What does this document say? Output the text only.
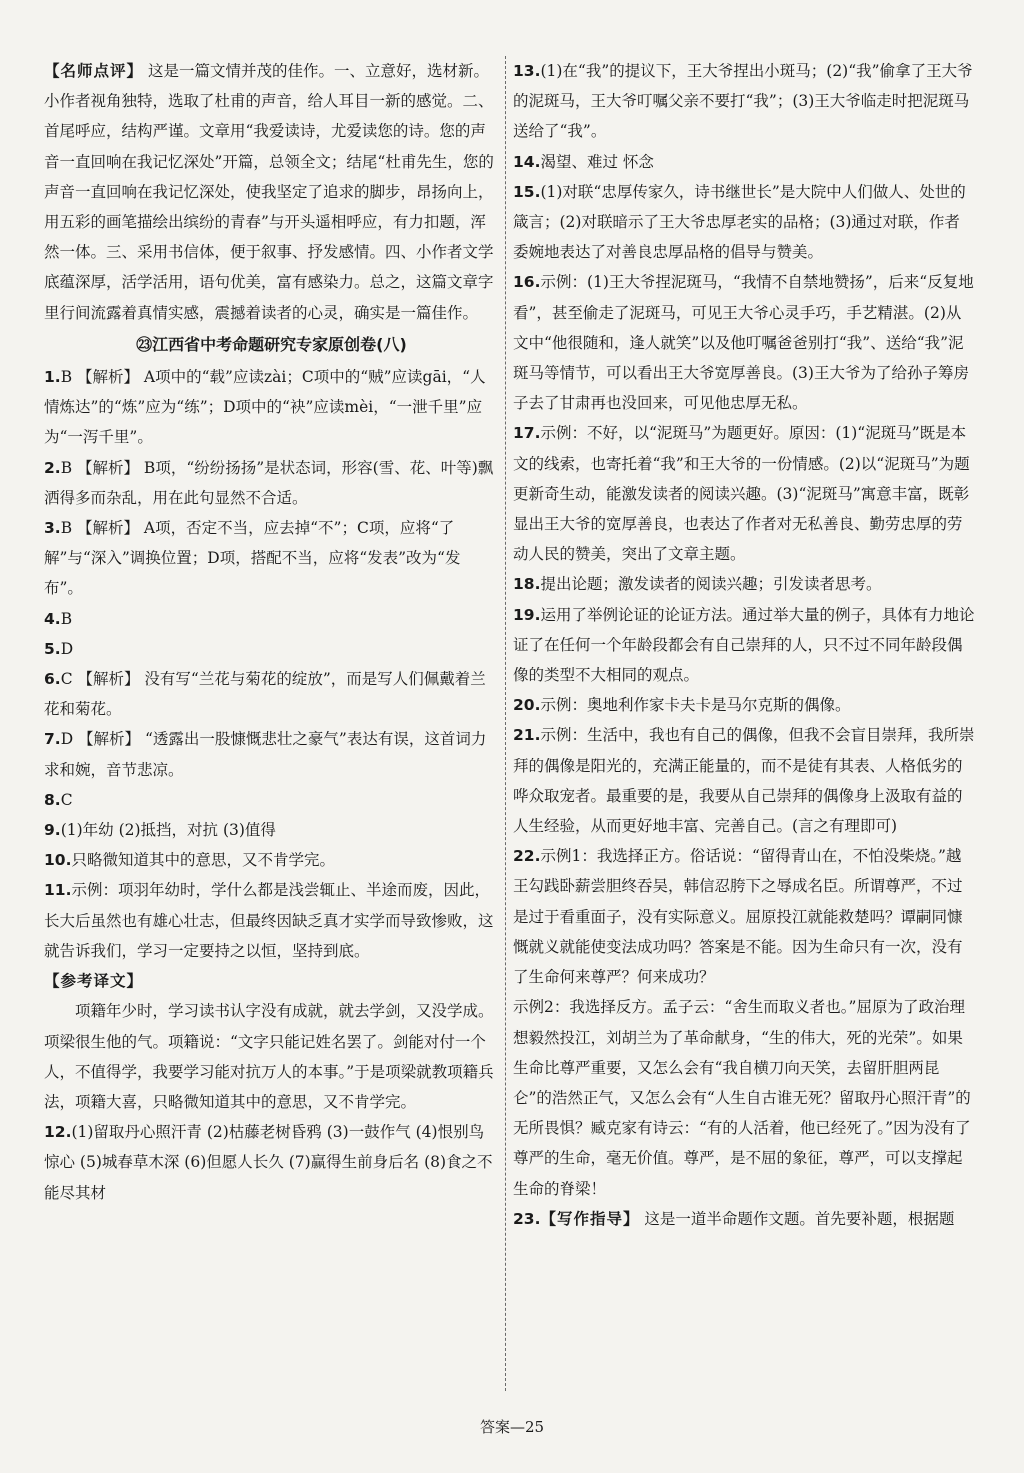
【名师点评】 这是一篇文情并茂的佳作。一、立意好，选材新。小作者视角独特，选取了杜甫的声音，给人耳目一新的感觉。二、首尾呼应，结构严谨。文章用“我爱读诗，尤爱读您的诗。您的声音一直回响在我记忆深处”开篇，总领全文；结尾“杜甫先生，您的声音一直回响在我记忆深处，使我坚定了追求的脚步，昂扬向上，用五彩的画笔描绘出缤纷的青春”与开头遥相呼应，有力扣题，浑然一体。三、采用书信体，便于叙事、抒发感情。四、小作者文学底蕴深厚，活学活用，语句优美，富有感染力。总之，这篇文章字里行间流露着真情实感，震撼着读者的心灵，确实是一篇佳作。

㉓江西省中考命题研究专家原创卷(八)

1.B 【解析】 A项中的“载”应读zài；C项中的“贼”应读gāi，“人情炼达”的“炼”应为“练”；D项中的“袂”应读mèi，“一泄千里”应为“一泻千里”。

2.B 【解析】 B项，“纷纷扬扬”是状态词，形容(雪、花、叶等)飘洒得多而杂乱，用在此句显然不合适。

3.B 【解析】 A项，否定不当，应去掉“不”；C项，应将“了解”与“深入”调换位置；D项，搭配不当，应将“发表”改为“发布”。

4.B

5.D

6.C 【解析】 没有写“兰花与菊花的绽放”，而是写人们佩戴着兰花和菊花。

7.D 【解析】 “透露出一股慷慨悲壮之豪气”表达有误，这首词力求和婉，音节悲凉。

8.C

9.(1)年幼 (2)抵挡，对抗 (3)值得

10.只略微知道其中的意思，又不肯学完。

11.示例：项羽年幼时，学什么都是浅尝辄止、半途而废，因此，长大后虽然也有雄心壮志，但最终因缺乏真才实学而导致惨败，这就告诉我们，学习一定要持之以恒，坚持到底。

【参考译文】

项籍年少时，学习读书认字没有成就，就去学剑，又没学成。项梁很生他的气。项籍说：“文字只能记姓名罢了。剑能对付一个人，不值得学，我要学习能对抗万人的本事。”于是项梁就教项籍兵法，项籍大喜，只略微知道其中的意思，又不肯学完。

12.(1)留取丹心照汗青 (2)枯藤老树昏鸦 (3)一鼓作气 (4)恨别鸟惊心 (5)城春草木深 (6)但愿人长久 (7)赢得生前身后名 (8)食之不能尽其材

13.(1)在“我”的提议下，王大爷捏出小斑马；(2)“我”偷拿了王大爷的泥斑马，王大爷叮嘱父亲不要打“我”；(3)王大爷临走时把泥斑马送给了“我”。

14.渴望、难过 怀念

15.(1)对联“忠厚传家久，诗书继世长”是大院中人们做人、处世的箴言；(2)对联暗示了王大爷忠厚老实的品格；(3)通过对联，作者委婉地表达了对善良忠厚品格的倡导与赞美。

16.示例：(1)王大爷捏泥斑马，“我情不自禁地赞扬”，后来“反复地看”，甚至偷走了泥斑马，可见王大爷心灵手巧，手艺精湛。(2)从文中“他很随和，逢人就笑”以及他叮嘱爸爸别打“我”、送给“我”泥斑马等情节，可以看出王大爷宽厚善良。(3)王大爷为了给孙子筹房子去了甘肃再也没回来，可见他忠厚无私。

17.示例：不好，以“泥斑马”为题更好。原因：(1)“泥斑马”既是本文的线索，也寄托着“我”和王大爷的一份情感。(2)以“泥斑马”为题更新奇生动，能激发读者的阅读兴趣。(3)“泥斑马”寓意丰富，既彰显出王大爷的宽厚善良，也表达了作者对无私善良、勤劳忠厚的劳动人民的赞美，突出了文章主题。

18.提出论题；激发读者的阅读兴趣；引发读者思考。

19.运用了举例论证的论证方法。通过举大量的例子，具体有力地论证了在任何一个年龄段都会有自己崇拜的人，只不过不同年龄段偶像的类型不大相同的观点。

20.示例：奥地利作家卡夫卡是马尔克斯的偶像。

21.示例：生活中，我也有自己的偶像，但我不会盲目崇拜，我所崇拜的偶像是阳光的，充满正能量的，而不是徒有其表、人格低劣的哗众取宠者。最重要的是，我要从自己崇拜的偶像身上汲取有益的人生经验，从而更好地丰富、完善自己。(言之有理即可)

22.示例1：我选择正方。俗话说：“留得青山在，不怕没柴烧。”越王勾践卧薪尝胆终吞吴，韩信忍胯下之辱成名臣。所谓尊严，不过是过于看重面子，没有实际意义。屈原投江就能救楚吗？谭嗣同慷慨就义就能使变法成功吗？答案是不能。因为生命只有一次，没有了生命何来尊严？何来成功？

示例2：我选择反方。孟子云：“舍生而取义者也。”屈原为了政治理想毅然投江，刘胡兰为了革命献身，“生的伟大，死的光荣”。如果生命比尊严重要，又怎么会有“我自横刀向天笑，去留肝胆两昆仑”的浩然正气，又怎么会有“人生自古谁无死？留取丹心照汗青”的无所畏惧？臧克家有诗云：“有的人活着，他已经死了。”因为没有了尊严的生命，毫无价值。尊严，是不屈的象征，尊严，可以支撑起生命的脊梁！

23.【写作指导】 这是一道半命题作文题。首先要补题，根据题

答案—25
